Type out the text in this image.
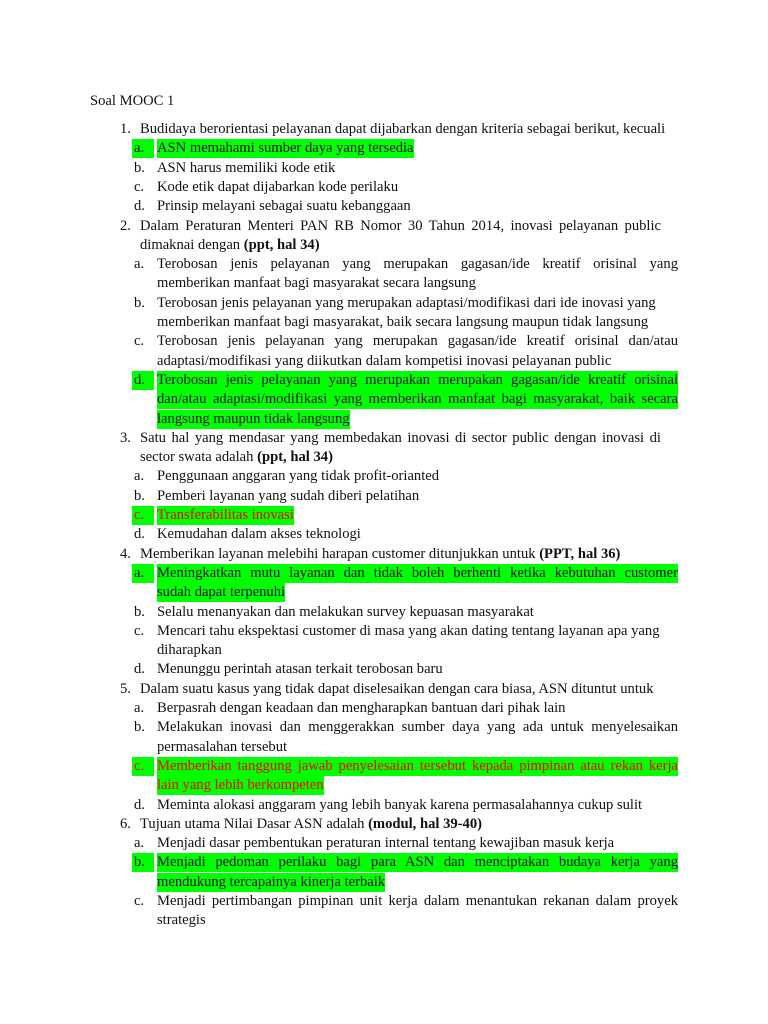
Soal MOOC 1
1. Budidaya berorientasi pelayanan dapat dijabarkan dengan kriteria sebagai berikut, kecuali
a. ASN memahami sumber daya yang tersedia
b. ASN harus memiliki kode etik
c. Kode etik dapat dijabarkan kode perilaku
d. Prinsip melayani sebagai suatu kebanggaan
2. Dalam Peraturan Menteri PAN RB Nomor 30 Tahun 2014, inovasi pelayanan public
dimaknai dengan (ppt, hal 34)
a. Terobosan jenis pelayanan yang merupakan gagasan/ide kreatif orisinal yang
memberikan manfaat bagi masyarakat secara langsung
b. Terobosan jenis pelayanan yang merupakan adaptasi/modifikasi dari ide inovasi yang
memberikan manfaat bagi masyarakat, baik secara langsung maupun tidak langsung
c. Terobosan jenis pelayanan yang merupakan gagasan/ide kreatif orisinal dan/atau
adaptasi/modifikasi yang diikutkan dalam kompetisi inovasi pelayanan public
d. Terobosan jenis pelayanan yang merupakan merupakan gagasan/ide kreatif orisinal
dan/atau adaptasi/modifikasi yang memberikan manfaat bagi masyarakat, baik secara
langsung maupun tidak langsung
3. Satu hal yang mendasar yang membedakan inovasi di sector public dengan inovasi di
sector swata adalah (ppt, hal 34)
a. Penggunaan anggaran yang tidak profit-orianted
b. Pemberi layanan yang sudah diberi pelatihan
c. Transferabilitas inovasi
d. Kemudahan dalam akses teknologi
4. Memberikan layanan melebihi harapan customer ditunjukkan untuk (PPT, hal 36)
a. Meningkatkan mutu layanan dan tidak boleh berhenti ketika kebutuhan customer
sudah dapat terpenuhi
b. Selalu menanyakan dan melakukan survey kepuasan masyarakat
c. Mencari tahu ekspektasi customer di masa yang akan dating tentang layanan apa yang
diharapkan
d. Menunggu perintah atasan terkait terobosan baru
5. Dalam suatu kasus yang tidak dapat diselesaikan dengan cara biasa, ASN dituntut untuk
a. Berpasrah dengan keadaan dan mengharapkan bantuan dari pihak lain
b. Melakukan inovasi dan menggerakkan sumber daya yang ada untuk menyelesaikan
permasalahan tersebut
c. Memberikan tanggung jawab penyelesaian tersebut kepada pimpinan atau rekan kerja
lain yang lebih berkompeten
d. Meminta alokasi anggaram yang lebih banyak karena permasalahannya cukup sulit
6. Tujuan utama Nilai Dasar ASN adalah (modul, hal 39-40)
a. Menjadi dasar pembentukan peraturan internal tentang kewajiban masuk kerja
b. Menjadi pedoman perilaku bagi para ASN dan menciptakan budaya kerja yang
mendukung tercapainya kinerja terbaik
c. Menjadi pertimbangan pimpinan unit kerja dalam menantukan rekanan dalam proyek
strategis
